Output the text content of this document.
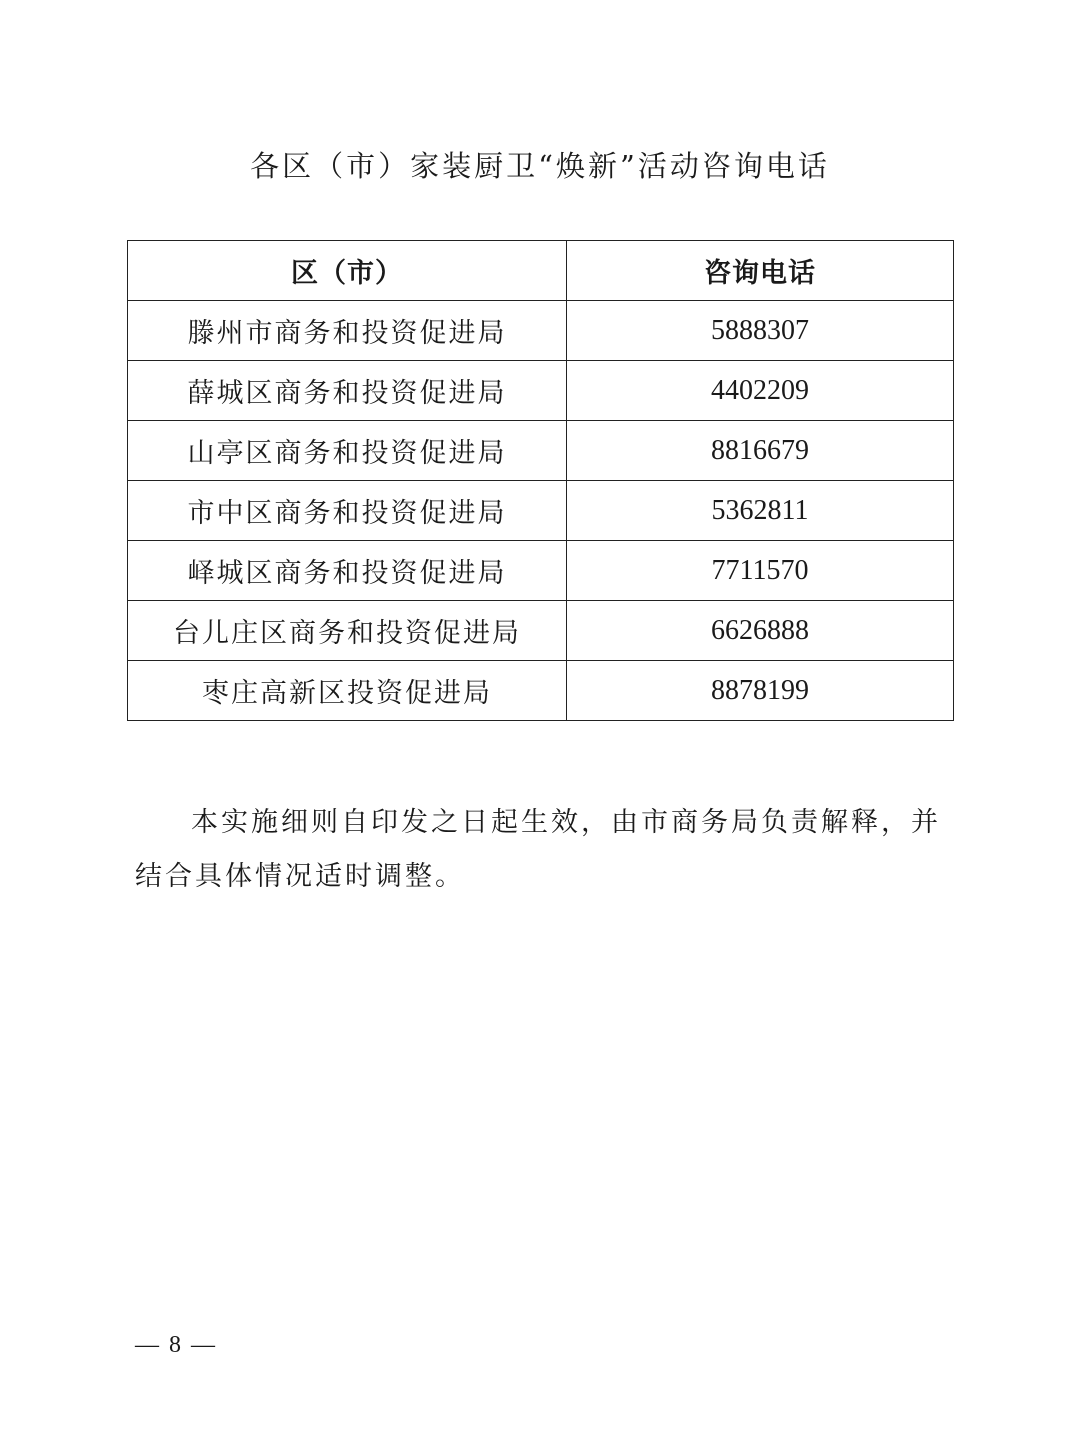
各区（市）家装厨卫“焕新”活动咨询电话
区（市）	咨询电话
滕州市商务和投资促进局	5888307
薛城区商务和投资促进局	4402209
山亭区商务和投资促进局	8816679
市中区商务和投资促进局	5362811
峄城区商务和投资促进局	7711570
台儿庄区商务和投资促进局	6626888
枣庄高新区投资促进局	8878199

本实施细则自印发之日起生效，由市商务局负责解释，并结合具体情况适时调整。

— 8 —
